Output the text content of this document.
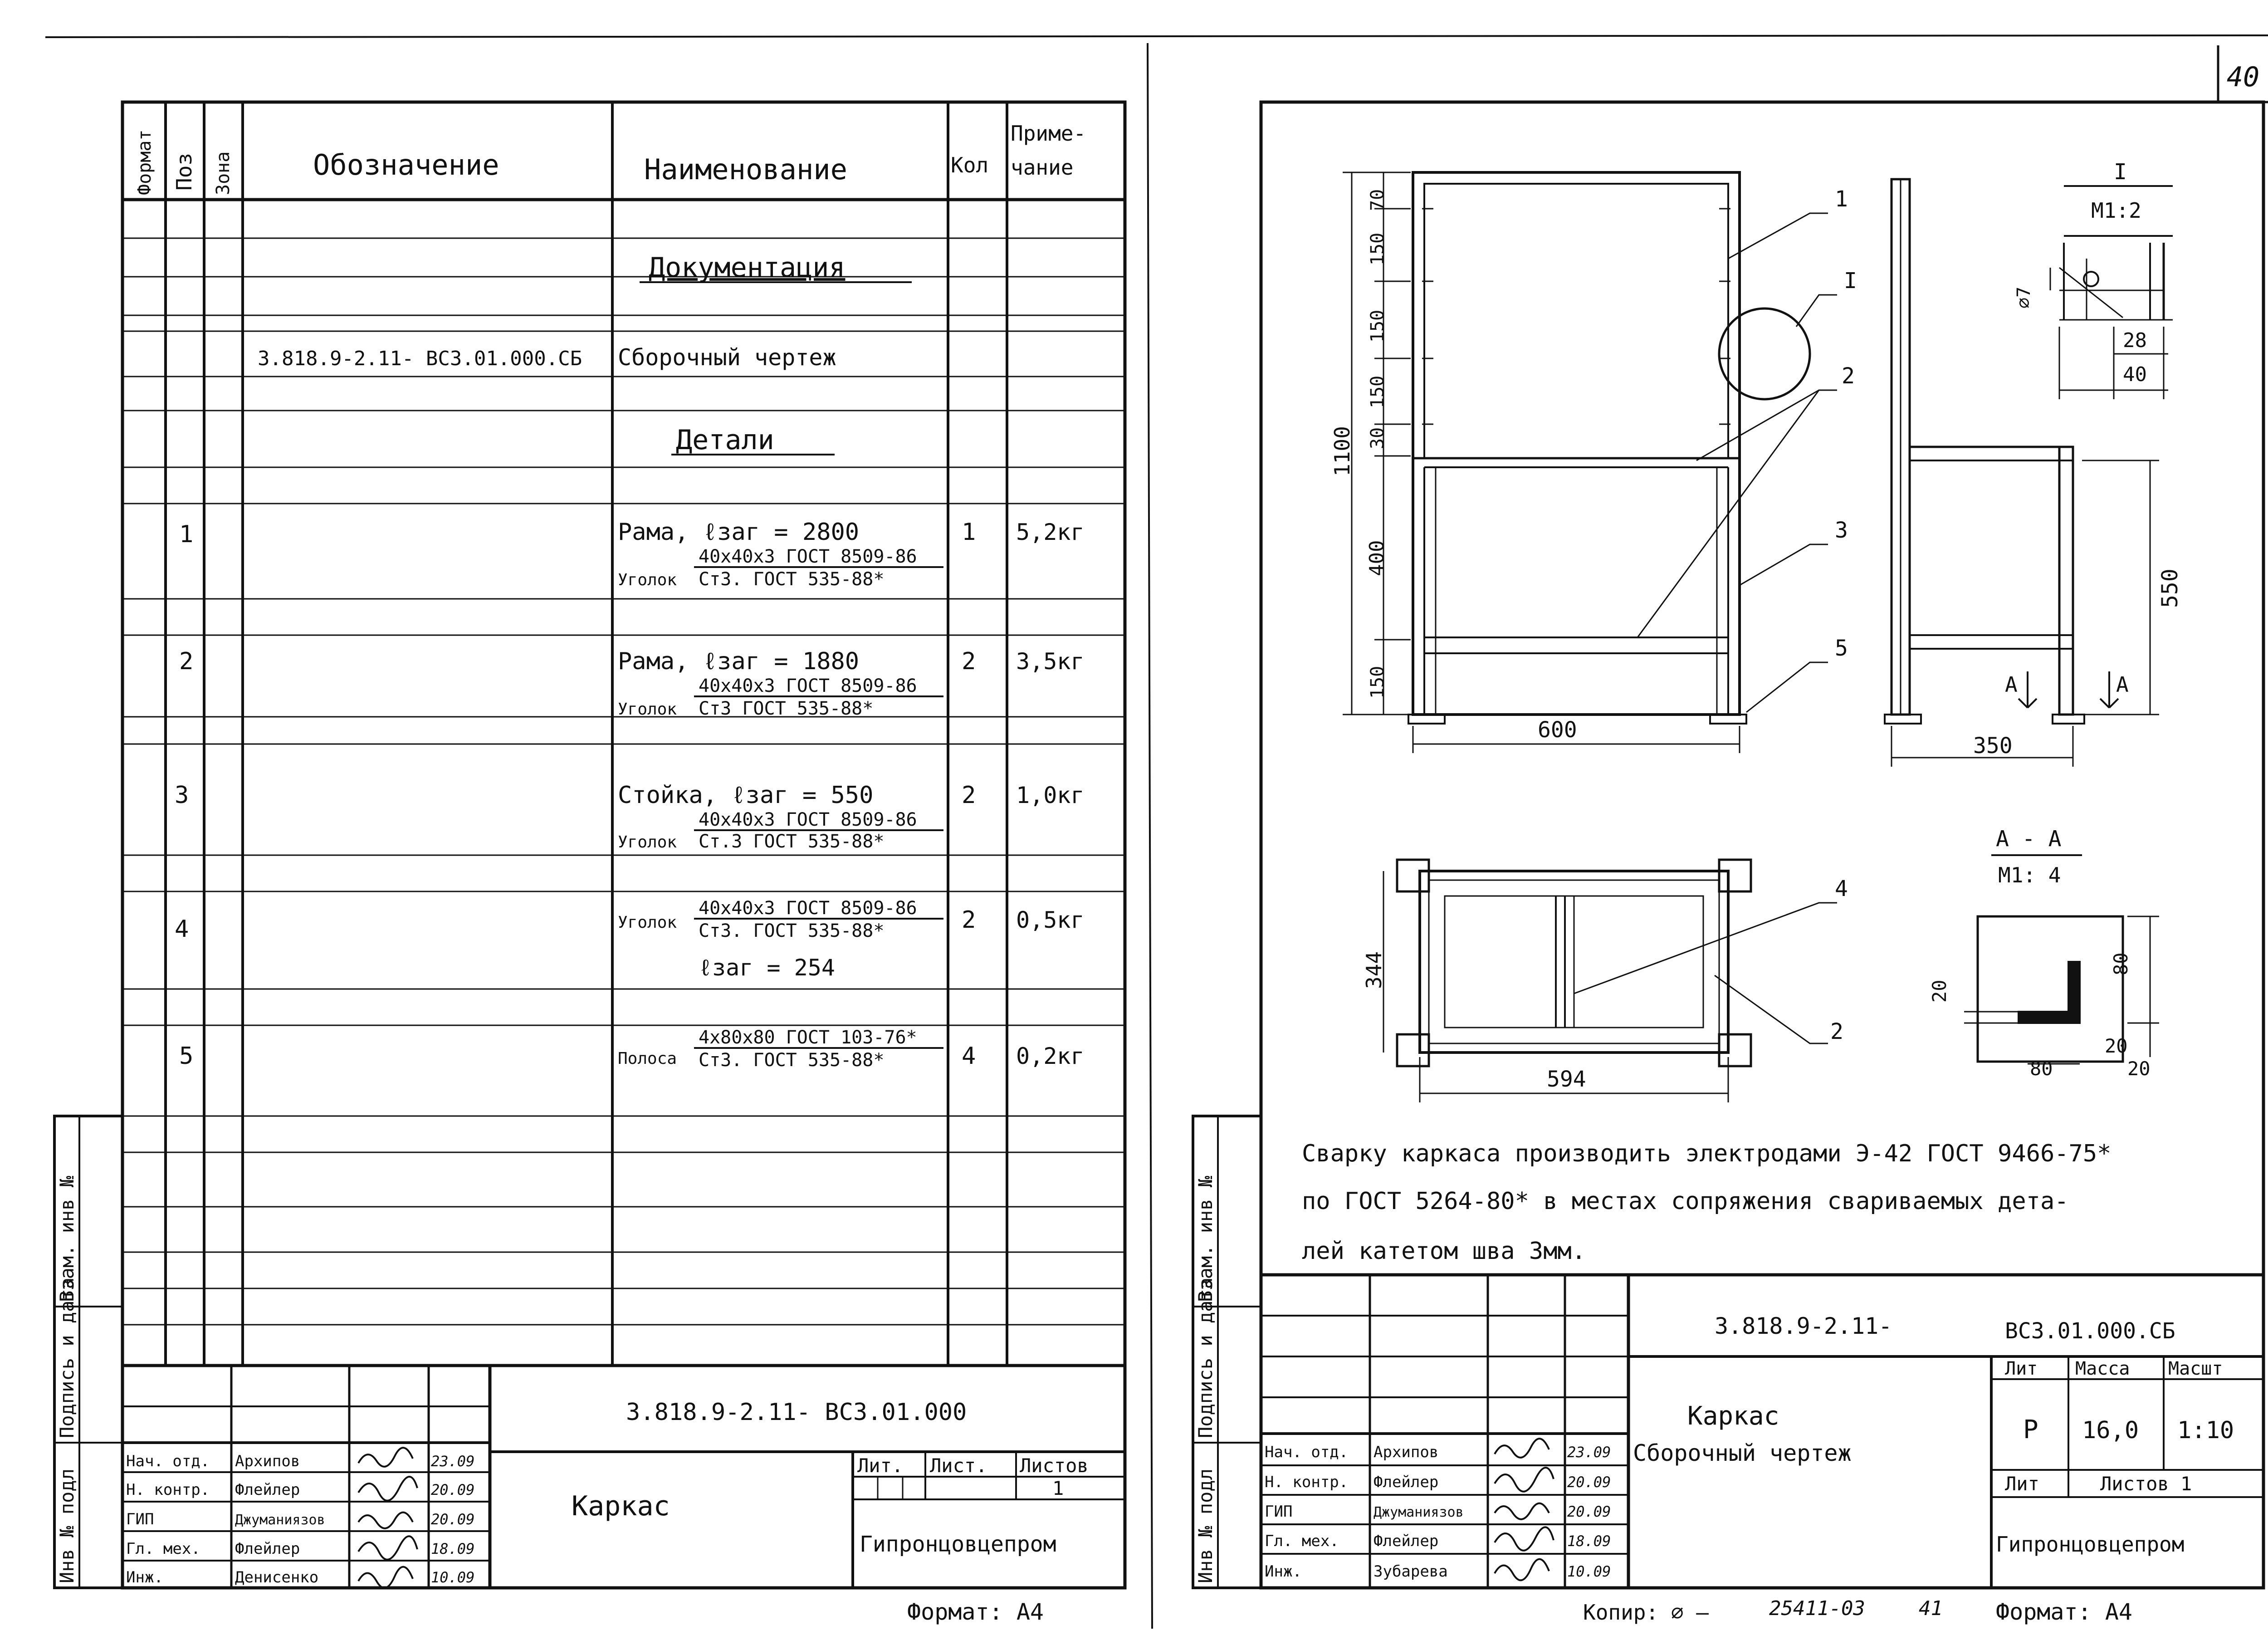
40
Формат Поз Зона	Обозначение	Наименование	Кол
Приме-
чание
Документация
Детали
3.818.9-2.11- ВС3.01.000.СБ Сборочный чертеж
1	Рама, ℓзаг = 2800
40х40х3 ГОСТ 8509-86
Уголок Ст3. ГОСТ 535-88*
1 5,2кг
2	Рама, ℓзаг = 1880
40х40х3 ГОСТ 8509-86
Уголок Ст3 ГОСТ 535-88*
2 3,5кг
3	Стойка, ℓзаг = 550
40х40х3 ГОСТ 8509-86
Уголок Ст.3 ГОСТ 535-88*
2 1,0кг
4
40х40х3 ГОСТ 8509-86
Уголок Ст3. ГОСТ 535-88*	2 0,5кг
ℓзаг = 254
5
4х80х80 ГОСТ 103-76*
Полоса Ст3. ГОСТ 535-88*	4 0,2кг
Инв № подл
Подпись и дата
Взам. инв №
3.818.9-2.11- ВС3.01.000
Каркас
Лит. Лист. Листов
1
Гипронцовцепром
Нач. отд. Архипов	23.09
Н. контр. Флейлер	20.09
ГИП	Джуманиязов	20.09
Гл. мех. Флейлер	18.09
Инж.	Денисенко	10.09
Формат: А4
70
150
150
150
30
400
150
1100
600
1
I
2
3
5
350
550
А	А
I
М1:2
⌀7
28
40
344
594
4
2
А - А
М1: 4
20
80
80
20
20
Сварку каркаса производить электродами Э-42 ГОСТ 9466-75*
по ГОСТ 5264-80* в местах сопряжения свариваемых дета-
лей катетом шва 3мм.
Инв № подл
Подпись и дата
Взам. инв №
3.818.9-2.11-	ВС3.01.000.СБ
Каркас
Сборочный чертеж
Лит Масса Масшт
Р 16,0 1:10
Лит	Листов 1
Гипронцовцепром
Нач. отд. Архипов	23.09
Н. контр. Флейлер	20.09
ГИП	Джуманиязов	20.09
Гл. мех. Флейлер	18.09
Инж.	Зубарева	10.09
Копир: ⌀ –	25411-03	41 Формат: А4
